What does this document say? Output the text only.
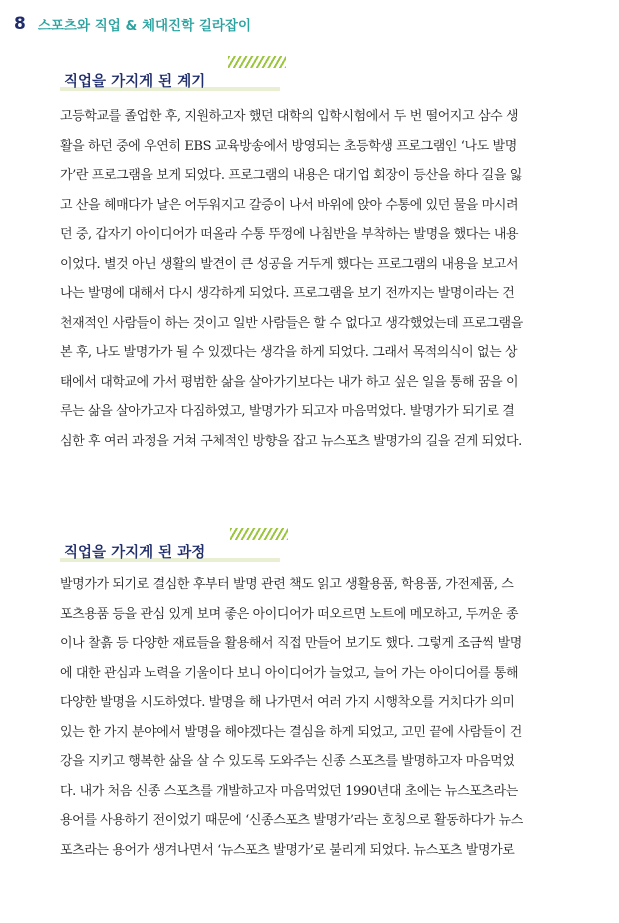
8 스포츠와 직업 & 체대진학 길라잡이
직업을 가지게 된 계기
고등학교를 졸업한 후, 지원하고자 했던 대학의 입학시험에서 두 번 떨어지고 삼수 생
활을 하던 중에 우연히 EBS 교육방송에서 방영되는 초등학생 프로그램인 ‘나도 발명
가’란 프로그램을 보게 되었다. 프로그램의 내용은 대기업 회장이 등산을 하다 길을 잃
고 산을 헤매다가 날은 어두워지고 갈증이 나서 바위에 앉아 수통에 있던 물을 마시려
던 중, 갑자기 아이디어가 떠올라 수통 뚜껑에 나침반을 부착하는 발명을 했다는 내용
이었다. 별것 아닌 생활의 발견이 큰 성공을 거두게 했다는 프로그램의 내용을 보고서
나는 발명에 대해서 다시 생각하게 되었다. 프로그램을 보기 전까지는 발명이라는 건
천재적인 사람들이 하는 것이고 일반 사람들은 할 수 없다고 생각했었는데 프로그램을
본 후, 나도 발명가가 될 수 있겠다는 생각을 하게 되었다. 그래서 목적의식이 없는 상
태에서 대학교에 가서 평범한 삶을 살아가기보다는 내가 하고 싶은 일을 통해 꿈을 이
루는 삶을 살아가고자 다짐하였고, 발명가가 되고자 마음먹었다. 발명가가 되기로 결
심한 후 여러 과정을 거쳐 구체적인 방향을 잡고 뉴스포츠 발명가의 길을 걷게 되었다.
직업을 가지게 된 과정
발명가가 되기로 결심한 후부터 발명 관련 책도 읽고 생활용품, 학용품, 가전제품, 스
포츠용품 등을 관심 있게 보며 좋은 아이디어가 떠오르면 노트에 메모하고, 두꺼운 종
이나 찰흙 등 다양한 재료들을 활용해서 직접 만들어 보기도 했다. 그렇게 조금씩 발명
에 대한 관심과 노력을 기울이다 보니 아이디어가 늘었고, 늘어 가는 아이디어를 통해
다양한 발명을 시도하였다. 발명을 해 나가면서 여러 가지 시행착오를 거치다가 의미
있는 한 가지 분야에서 발명을 해야겠다는 결심을 하게 되었고, 고민 끝에 사람들이 건
강을 지키고 행복한 삶을 살 수 있도록 도와주는 신종 스포츠를 발명하고자 마음먹었
다. 내가 처음 신종 스포츠를 개발하고자 마음먹었던 1990년대 초에는 뉴스포츠라는
용어를 사용하기 전이었기 때문에 ‘신종스포츠 발명가’라는 호칭으로 활동하다가 뉴스
포츠라는 용어가 생겨나면서 ‘뉴스포츠 발명가’로 불리게 되었다. 뉴스포츠 발명가로
